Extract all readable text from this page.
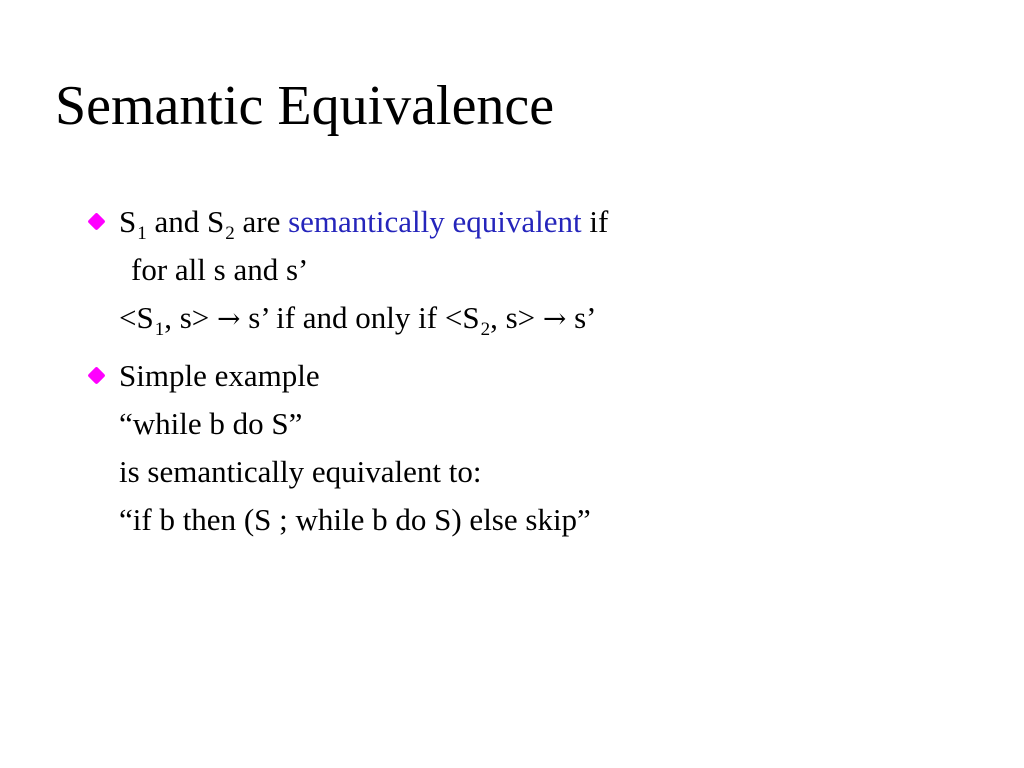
Semantic Equivalence
$S_1$ and $S_2$ are semantically equivalent if
for all s and s’
$<S_1$, s> → s’ if and only if $<S_2$, s> → s’
Simple example
“while b do S”
is semantically equivalent to:
“if b then (S ; while b do S) else skip”
